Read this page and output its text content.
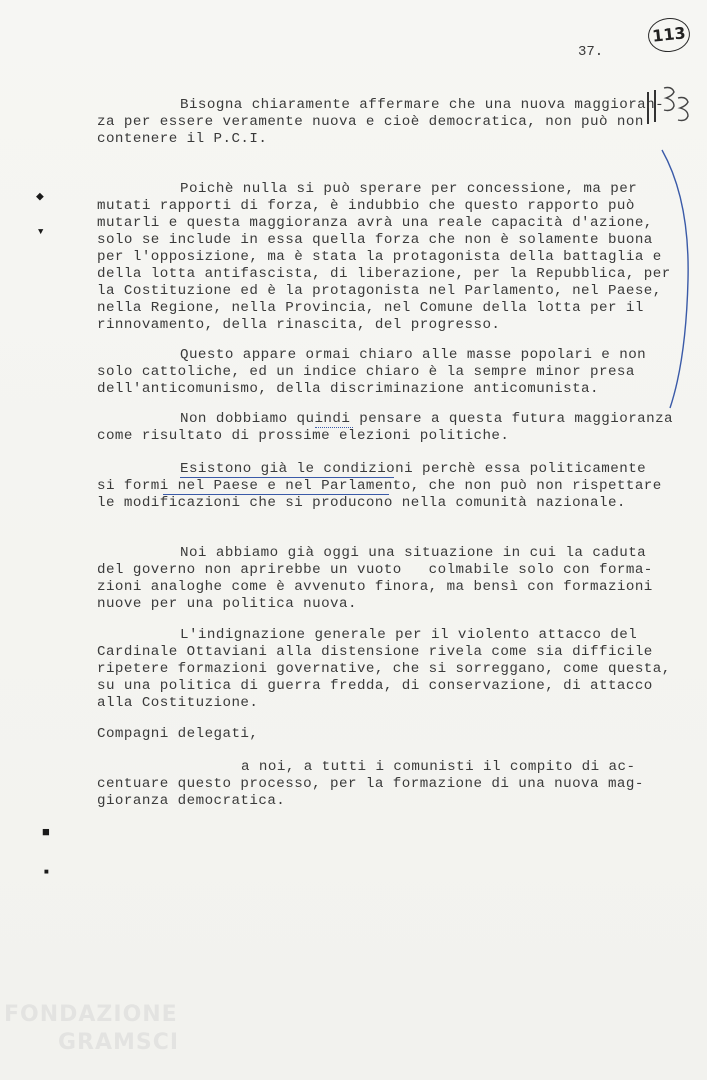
113
37.
◆
▼
■
■
Bisogna chiaramente affermare che una nuova maggioran-
za per essere veramente nuova e cioè democratica, non può non
contenere il P.C.I.
Poichè nulla si può sperare per concessione, ma per
mutati rapporti di forza, è indubbio che questo rapporto può
mutarli e questa maggioranza avrà una reale capacità d'azione,
solo se include in essa quella forza che non è solamente buona
per l'opposizione, ma è stata la protagonista della battaglia e
della lotta antifascista, di liberazione, per la Repubblica, per
la Costituzione ed è la protagonista nel Parlamento, nel Paese,
nella Regione, nella Provincia, nel Comune della lotta per il
rinnovamento, della rinascita, del progresso.
Questo appare ormai chiaro alle masse popolari e non
solo cattoliche, ed un indice chiaro è la sempre minor presa
dell'anticomunismo, della discriminazione anticomunista.
Non dobbiamo quindi pensare a questa futura maggioranza
come risultato di prossime elezioni politiche.
Esistono già le condizioni perchè essa politicamente
si formi nel Paese e nel Parlamento, che non può non rispettare
le modificazioni che si producono nella comunità nazionale.
Noi abbiamo già oggi una situazione in cui la caduta
del governo non aprirebbe un vuoto   colmabile solo con forma-
zioni analoghe come è avvenuto finora, ma bensì con formazioni
nuove per una politica nuova.
L'indignazione generale per il violento attacco del
Cardinale Ottaviani alla distensione rivela come sia difficile
ripetere formazioni governative, che si sorreggano, come questa,
su una politica di guerra fredda, di conservazione, di attacco
alla Costituzione.
Compagni delegati,
a noi, a tutti i comunisti il compito di ac-
centuare questo processo, per la formazione di una nuova mag-
gioranza democratica.
FONDAZIONE
GRAMSCI
